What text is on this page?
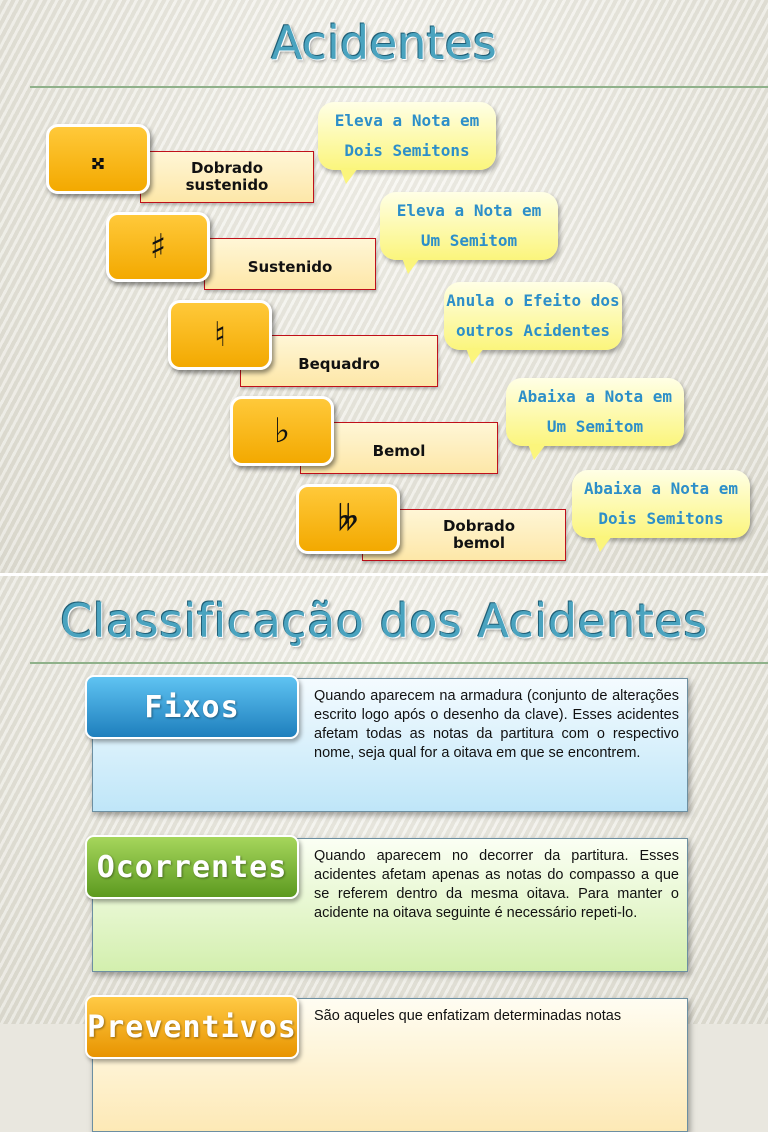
Acidentes
Dobrado
sustenido
𝄪
Eleva a Nota em
Dois Semitons
Sustenido
♯
Eleva a Nota em
Um Semitom
Bequadro
♮
Anula o Efeito dos
outros Acidentes
Bemol
♭
Abaixa a Nota em
Um Semitom
Dobrado
bemol
𝄫
Abaixa a Nota em
Dois Semitons
Classificação dos Acidentes
Fixos	Quando aparecem na armadura (conjunto de alterações escrito logo após o desenho da clave). Esses acidentes afetam todas as notas da partitura com o respectivo nome, seja qual for a oitava em que se encontrem.
Ocorrentes	Quando aparecem no decorrer da partitura. Esses acidentes afetam apenas as notas do compasso a que se referem dentro da mesma oitava. Para manter o acidente na oitava seguinte é necessário repeti-lo.
Preventivos São aqueles que enfatizam determinadas notas
